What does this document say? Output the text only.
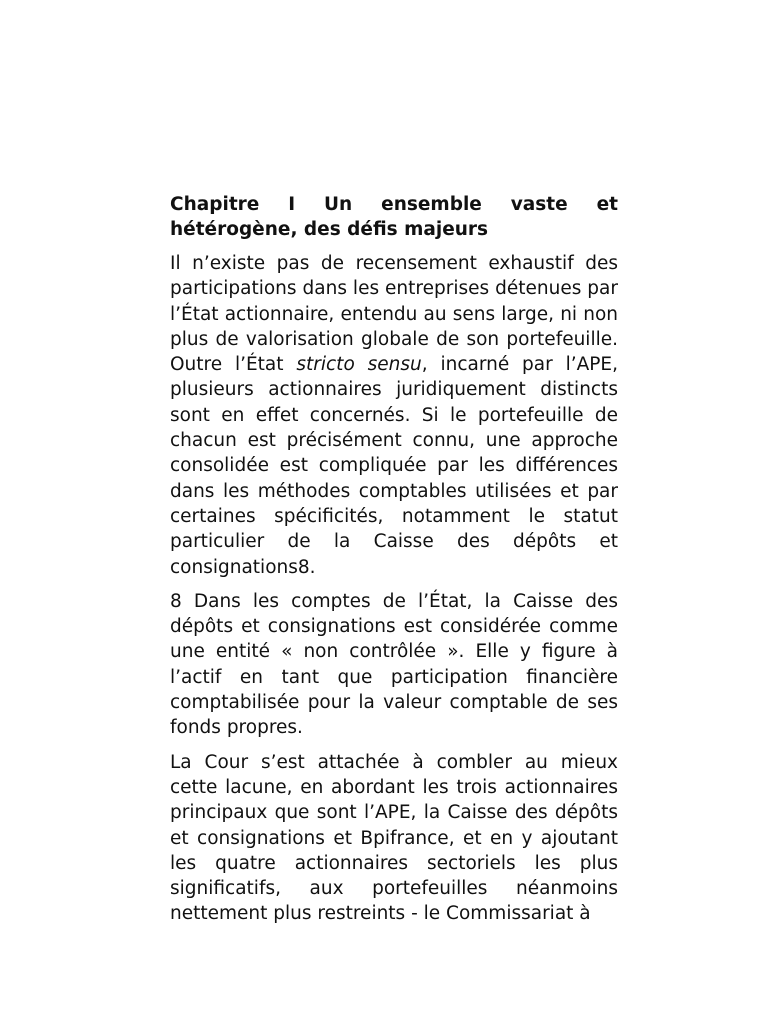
Chapitre I Un ensemble vaste et hétérogène, des défis majeurs

Il n’existe pas de recensement exhaustif des participations dans les entreprises détenues par l’État actionnaire, entendu au sens large, ni non plus de valorisation globale de son portefeuille. Outre l’État stricto sensu, incarné par l’APE, plusieurs actionnaires juridiquement distincts sont en effet concernés. Si le portefeuille de chacun est précisément connu, une approche consolidée est compliquée par les différences dans les méthodes comptables utilisées et par certaines spécificités, notamment le statut particulier de la Caisse des dépôts et consignations8.

8 Dans les comptes de l’État, la Caisse des dépôts et consignations est considérée comme une entité « non contrôlée ». Elle y figure à l’actif en tant que participation financière comptabilisée pour la valeur comptable de ses fonds propres.

La Cour s’est attachée à combler au mieux cette lacune, en abordant les trois actionnaires principaux que sont l’APE, la Caisse des dépôts et consignations et Bpifrance, et en y ajoutant les quatre actionnaires sectoriels les plus significatifs, aux portefeuilles néanmoins nettement plus restreints - le Commissariat à
